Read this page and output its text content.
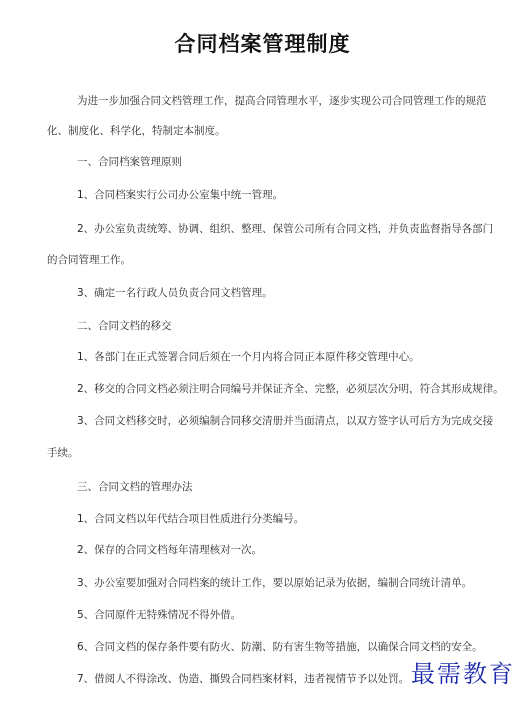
合同档案管理制度
为进一步加强合同文档管理工作，提高合同管理水平，逐步实现公司合同管理工作的规范
化、制度化、科学化，特制定本制度。
一、合同档案管理原则
1、合同档案实行公司办公室集中统一管理。
2、办公室负责统筹、协调、组织、整理、保管公司所有合同文档，并负责监督指导各部门
的合同管理工作。
3、确定一名行政人员负责合同文档管理。
二、合同文档的移交
1、各部门在正式签署合同后须在一个月内将合同正本原件移交管理中心。
2、移交的合同文档必须注明合同编号并保证齐全、完整，必须层次分明，符合其形成规律。
3、合同文档移交时，必须编制合同移交清册并当面清点，以双方签字认可后方为完成交接
手续。
三、合同文档的管理办法
1、合同文档以年代结合项目性质进行分类编号。
2、保存的合同文档每年清理核对一次。
3、办公室要加强对合同档案的统计工作，要以原始记录为依据，编制合同统计清单。
5、合同原件无特殊情况不得外借。
6、合同文档的保存条件要有防火、防潮、防有害生物等措施，以确保合同文档的安全。
7、借阅人不得涂改、伪造、撕毁合同档案材料，违者视情节予以处罚。 最需教育
